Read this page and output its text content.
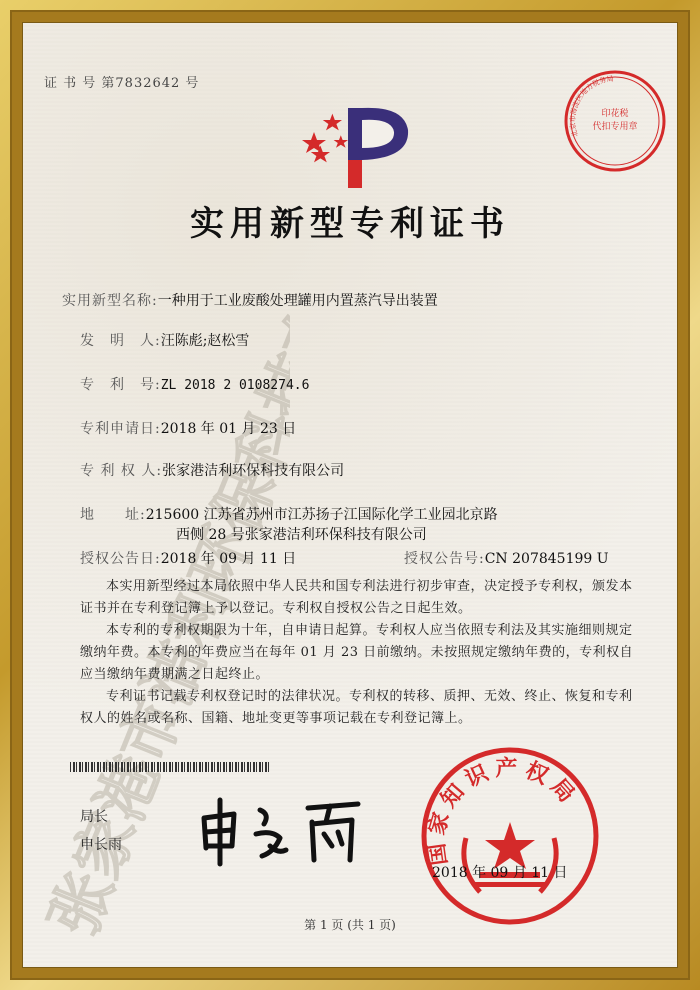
证 书 号 第7832642 号
印花税
代扣专用章
北京市海淀区地方税务局
实用新型专利证书
实用新型名称:一种用于工业废酸处理罐用内置蒸汽导出装置
发　明　人:汪陈彪;赵松雪
专　利　号:ZL 2018 2 0108274.6
专利申请日:2018 年 01 月 23 日
专 利 权 人:张家港洁利环保科技有限公司
地　　址:215600 江苏省苏州市江苏扬子江国际化学工业园北京路
西侧 28 号张家港洁利环保科技有限公司
授权公告日:2018 年 09 月 11 日	授权公告号:CN 207845199 U
本实用新型经过本局依照中华人民共和国专利法进行初步审查，决定授予专利权，颁发本证书并在专利登记簿上予以登记。专利权自授权公告之日起生效。
本专利的专利权期限为十年，自申请日起算。专利权人应当依照专利法及其实施细则规定缴纳年费。本专利的年费应当在每年 01 月 23 日前缴纳。未按照规定缴纳年费的，专利权自应当缴纳年费期满之日起终止。
专利证书记载专利权登记时的法律状况。专利权的转移、质押、无效、终止、恢复和专利权人的姓名或名称、国籍、地址变更等事项记载在专利登记簿上。
局长
申长雨	国家知识产权局
2018 年 09 月 11 日
第 1 页 (共 1 页)
